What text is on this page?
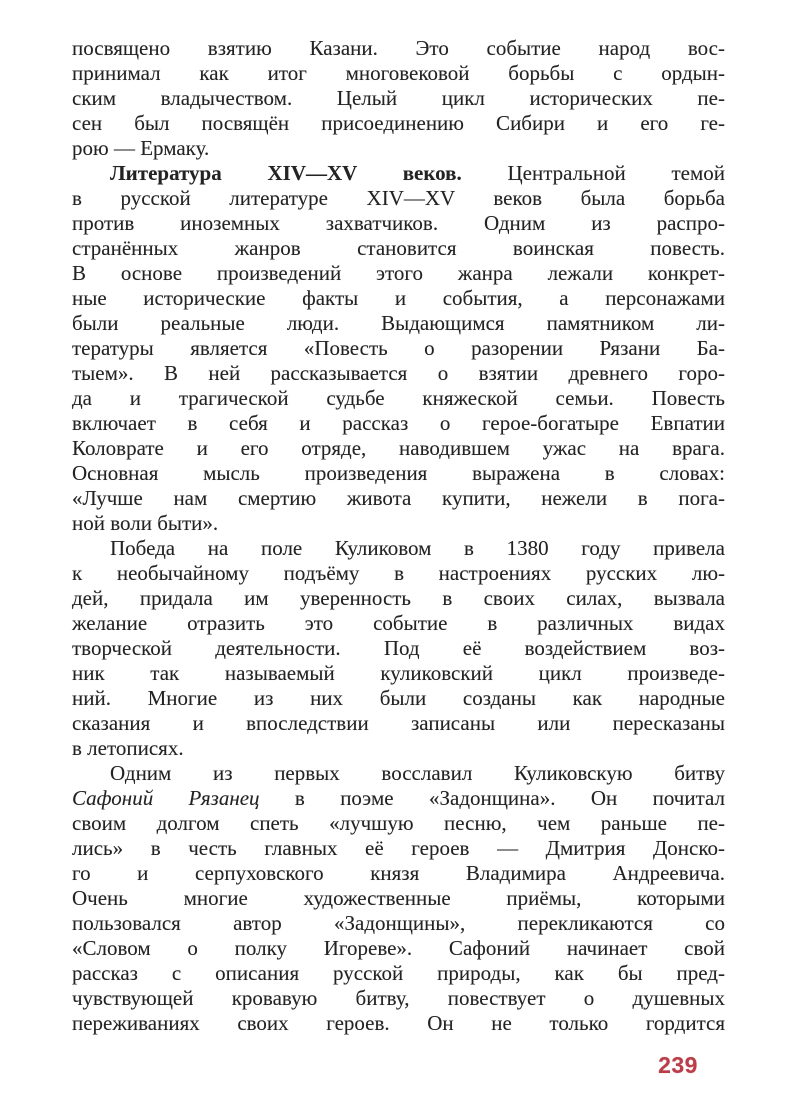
посвящено взятию Казани. Это событие народ вос-
принимал как итог многовековой борьбы с ордын-
ским владычеством. Целый цикл исторических пе-
сен был посвящён присоединению Сибири и его ге-
рою — Ермаку.
Литература XIV—XV веков. Центральной темой
в русской литературе XIV—XV веков была борьба
против иноземных захватчиков. Одним из распро-
странённых жанров становится воинская повесть.
В основе произведений этого жанра лежали конкрет-
ные исторические факты и события, а персонажами
были реальные люди. Выдающимся памятником ли-
тературы является «Повесть о разорении Рязани Ба-
тыем». В ней рассказывается о взятии древнего горо-
да и трагической судьбе княжеской семьи. Повесть
включает в себя и рассказ о герое-богатыре Евпатии
Коловрате и его отряде, наводившем ужас на врага.
Основная мысль произведения выражена в словах:
«Лучше нам смертию живота купити, нежели в пога-
ной воли быти».
Победа на поле Куликовом в 1380 году привела
к необычайному подъёму в настроениях русских лю-
дей, придала им уверенность в своих силах, вызвала
желание отразить это событие в различных видах
творческой деятельности. Под её воздействием воз-
ник так называемый куликовский цикл произведе-
ний. Многие из них были созданы как народные
сказания и впоследствии записаны или пересказаны
в летописях.
Одним из первых восславил Куликовскую битву
Сафоний Рязанец в поэме «Задонщина». Он почитал
своим долгом спеть «лучшую песню, чем раньше пе-
лись» в честь главных её героев — Дмитрия Донско-
го и серпуховского князя Владимира Андреевича.
Очень многие художественные приёмы, которыми
пользовался автор «Задонщины», перекликаются со
«Словом о полку Игореве». Сафоний начинает свой
рассказ с описания русской природы, как бы пред-
чувствующей кровавую битву, повествует о душевных
переживаниях своих героев. Он не только гордится
239
